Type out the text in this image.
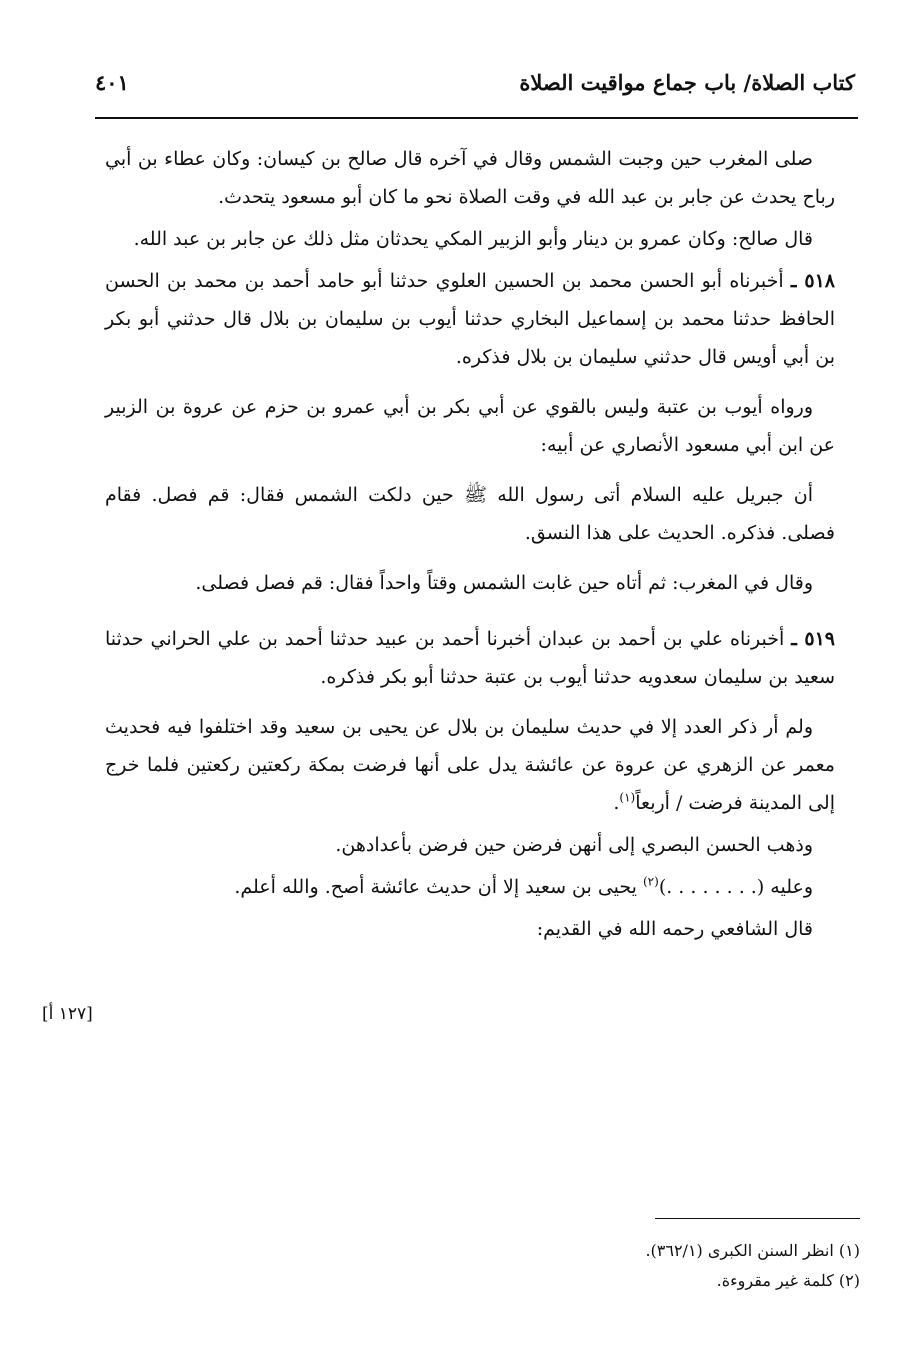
كتاب الصلاة/ باب جماع مواقيت الصلاة
٤٠١

صلى المغرب حين وجبت الشمس وقال في آخره قال صالح بن كيسان: وكان عطاء بن أبي رباح يحدث عن جابر بن عبد الله في وقت الصلاة نحو ما كان أبو مسعود يتحدث.

قال صالح: وكان عمرو بن دينار وأبو الزبير المكي يحدثان مثل ذلك عن جابر بن عبد الله.

٥١٨ ـ أخبرناه أبو الحسن محمد بن الحسين العلوي حدثنا أبو حامد أحمد بن محمد بن الحسن الحافظ حدثنا محمد بن إسماعيل البخاري حدثنا أيوب بن سليمان بن بلال قال حدثني أبو بكر بن أبي أويس قال حدثني سليمان بن بلال فذكره.

ورواه أيوب بن عتبة وليس بالقوي عن أبي بكر بن أبي عمرو بن حزم عن عروة بن الزبير عن ابن أبي مسعود الأنصاري عن أبيه:

أن جبريل عليه السلام أتى رسول الله ﷺ حين دلكت الشمس فقال: قم فصل. فقام فصلى. فذكره. الحديث على هذا النسق.

وقال في المغرب: ثم أتاه حين غابت الشمس وقتاً واحداً فقال: قم فصل فصلى.

٥١٩ ـ أخبرناه علي بن أحمد بن عبدان أخبرنا أحمد بن عبيد حدثنا أحمد بن علي الحراني حدثنا سعيد بن سليمان سعدويه حدثنا أيوب بن عتبة حدثنا أبو بكر فذكره.

ولم أر ذكر العدد إلا في حديث سليمان بن بلال عن يحيى بن سعيد وقد اختلفوا فيه فحديث معمر عن الزهري عن عروة عن عائشة يدل على أنها فرضت بمكة ركعتين ركعتين فلما خرج إلى المدينة فرضت / أربعاً$^{(١)}$.

وذهب الحسن البصري إلى أنهن فرضن حين فرضن بأعدادهن.

وعليه (. . . . . . . .)$^{(٢)}$ يحيى بن سعيد إلا أن حديث عائشة أصح. والله أعلم.

قال الشافعي رحمه الله في القديم:

[١٢٧ أ]

(١) انظر السنن الكبرى (٣٦٢/١).

(٢) كلمة غير مقروءة.
